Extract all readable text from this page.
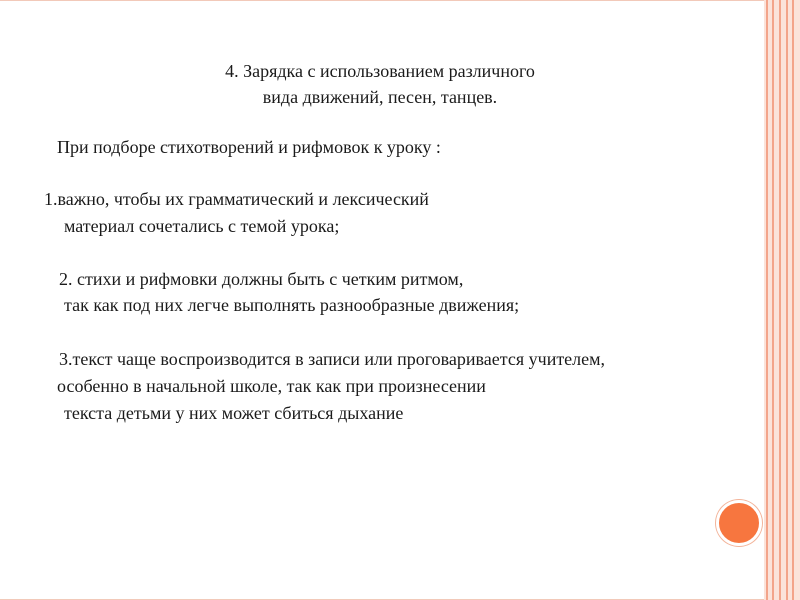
4. Зарядка с использованием различного
вида движений, песен, танцев.
При подборе стихотворений и рифмовок к уроку :
1.важно, чтобы их грамматический и лексический
материал сочетались с темой урока;
2. стихи и рифмовки должны быть с четким ритмом,
так как под них легче выполнять разнообразные движения;
3.текст чаще воспроизводится в записи или проговаривается учителем,
особенно в начальной школе, так как при произнесении
текста детьми у них может сбиться дыхание
